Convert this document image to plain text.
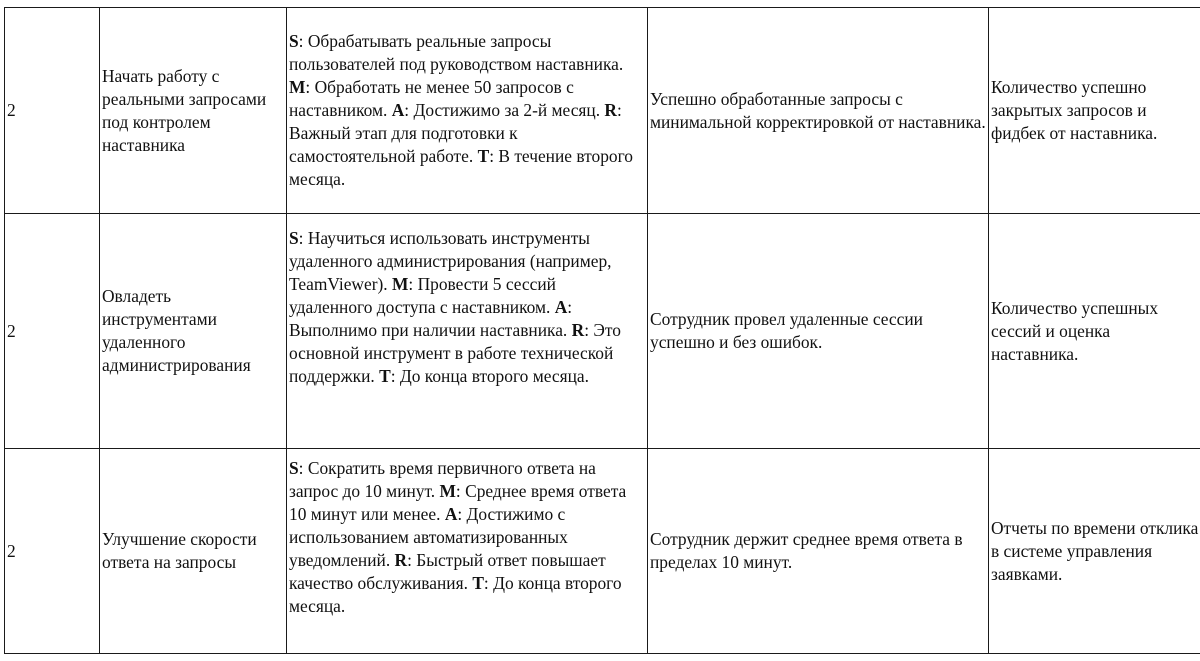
2	Начать работу с реальными запросами под контролем наставника	S: Обрабатывать реальные запросы пользователей под руководством наставника. M: Обработать не менее 50 запросов с наставником. A: Достижимо за 2-й месяц. R: Важный этап для подготовки к самостоятельной работе. T: В течение второго месяца.	Успешно обработанные запросы с минимальной корректировкой от наставника.	Количество успешно закрытых запросов и фидбек от наставника.
2	Овладеть инструментами удаленного администрирования	S: Научиться использовать инструменты удаленного администрирования (например, TeamViewer). M: Провести 5 сессий удаленного доступа с наставником. A: Выполнимо при наличии наставника. R: Это основной инструмент в работе технической поддержки. T: До конца второго месяца.	Сотрудник провел удаленные сессии успешно и без ошибок.	Количество успешных сессий и оценка наставника.
2	Улучшение скорости ответа на запросы	S: Сократить время первичного ответа на запрос до 10 минут. M: Среднее время ответа 10 минут или менее. A: Достижимо с использованием автоматизированных уведомлений. R: Быстрый ответ повышает качество обслуживания. T: До конца второго месяца.	Сотрудник держит среднее время ответа в пределах 10 минут.	Отчеты по времени отклика в системе управления заявками.
